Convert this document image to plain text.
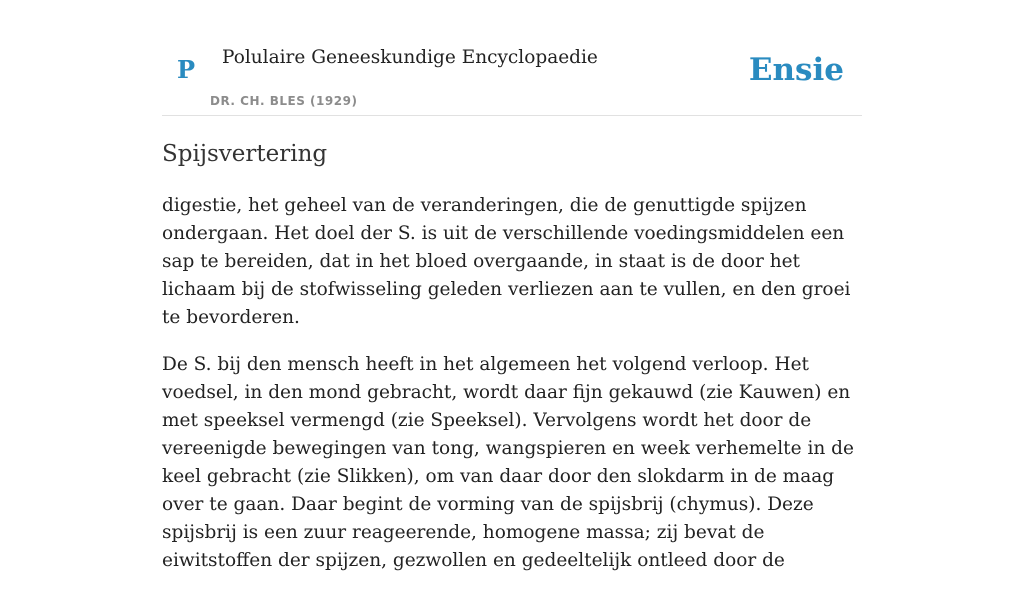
P Polulaire Geneeskundige Encyclopaedie
DR. CH. BLES (1929)
Ensie
Spijsvertering

digestie, het geheel van de veranderingen, die de genuttigde spijzen ondergaan. Het doel der S. is uit de verschillende voedingsmiddelen een sap te bereiden, dat in het bloed overgaande, in staat is de door het lichaam bij de stofwisseling geleden verliezen aan te vullen, en den groei te bevorderen.

De S. bij den mensch heeft in het algemeen het volgend verloop. Het voedsel, in den mond gebracht, wordt daar fijn gekauwd (zie Kauwen) en met speeksel vermengd (zie Speeksel). Vervolgens wordt het door de vereenigde bewegingen van tong, wangspieren en week verhemelte in de keel gebracht (zie Slikken), om van daar door den slokdarm in de maag over te gaan. Daar begint de vorming van de spijsbrij (chymus). Deze spijsbrij is een zuur reageerende, homogene massa; zij bevat de eiwitstoffen der spijzen, gezwollen en gedeeltelijk ontleed door de
